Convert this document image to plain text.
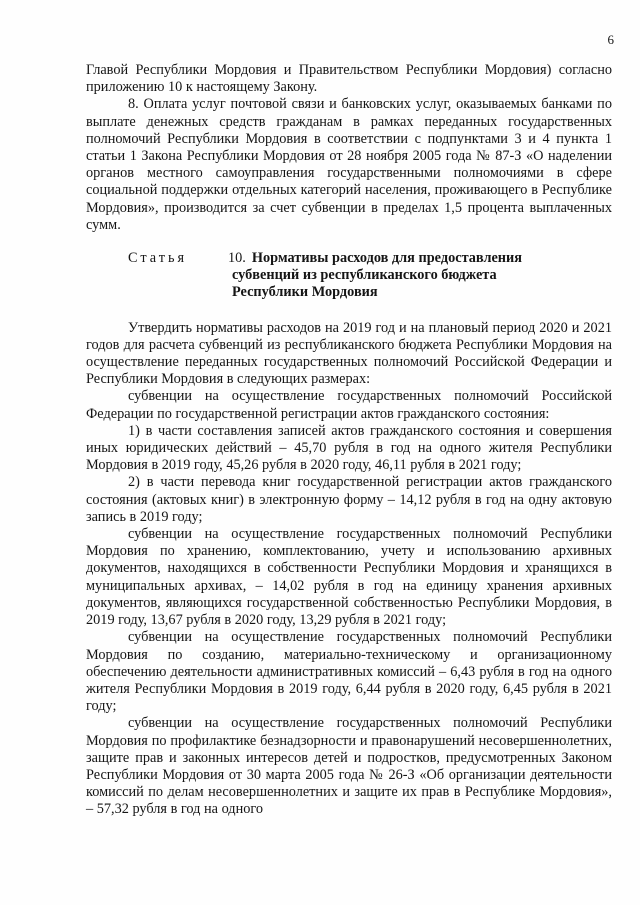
6

Главой Республики Мордовия и Правительством Республики Мордовия) согласно приложению 10 к настоящему Закону.

8. Оплата услуг почтовой связи и банковских услуг, оказываемых банками по выплате денежных средств гражданам в рамках переданных государственных полномочий Республики Мордовия в соответствии с подпунктами 3 и 4 пункта 1 статьи 1 Закона Республики Мордовия от 28 ноября 2005 года № 87-З «О наделении органов местного самоуправления государственными полномочиями в сфере социальной поддержки отдельных категорий населения, проживающего в Республике Мордовия», производится за счет субвенции в пределах 1,5 процента выплаченных сумм.

Статья	10. Нормативы расходов для предоставления
субвенций из республиканского бюджета
Республики Мордовия

Утвердить нормативы расходов на 2019 год и на плановый период 2020 и 2021 годов для расчета субвенций из республиканского бюджета Республики Мордовия на осуществление переданных государственных полномочий Российской Федерации и Республики Мордовия в следующих размерах:

субвенции на осуществление государственных полномочий Российской Федерации по государственной регистрации актов гражданского состояния:

1) в части составления записей актов гражданского состояния и совершения иных юридических действий – 45,70 рубля в год на одного жителя Республики Мордовия в 2019 году, 45,26 рубля в 2020 году, 46,11 рубля в 2021 году;

2) в части перевода книг государственной регистрации актов гражданского состояния (актовых книг) в электронную форму – 14,12 рубля в год на одну актовую запись в 2019 году;

субвенции на осуществление государственных полномочий Республики Мордовия по хранению, комплектованию, учету и использованию архивных документов, находящихся в собственности Республики Мордовия и хранящихся в муниципальных архивах, – 14,02 рубля в год на единицу хранения архивных документов, являющихся государственной собственностью Республики Мордовия, в 2019 году, 13,67 рубля в 2020 году, 13,29 рубля в 2021 году;

субвенции на осуществление государственных полномочий Республики Мордовия по созданию, материально-техническому и организационному обеспечению деятельности административных комиссий – 6,43 рубля в год на одного жителя Республики Мордовия в 2019 году, 6,44 рубля в 2020 году, 6,45 рубля в 2021 году;

субвенции на осуществление государственных полномочий Республики Мордовия по профилактике безнадзорности и правонарушений несовершеннолетних, защите прав и законных интересов детей и подростков, предусмотренных Законом Республики Мордовия от 30 марта 2005 года № 26-З «Об организации деятельности комиссий по делам несовершеннолетних и защите их прав в Республике Мордовия», – 57,32 рубля в год на одного
